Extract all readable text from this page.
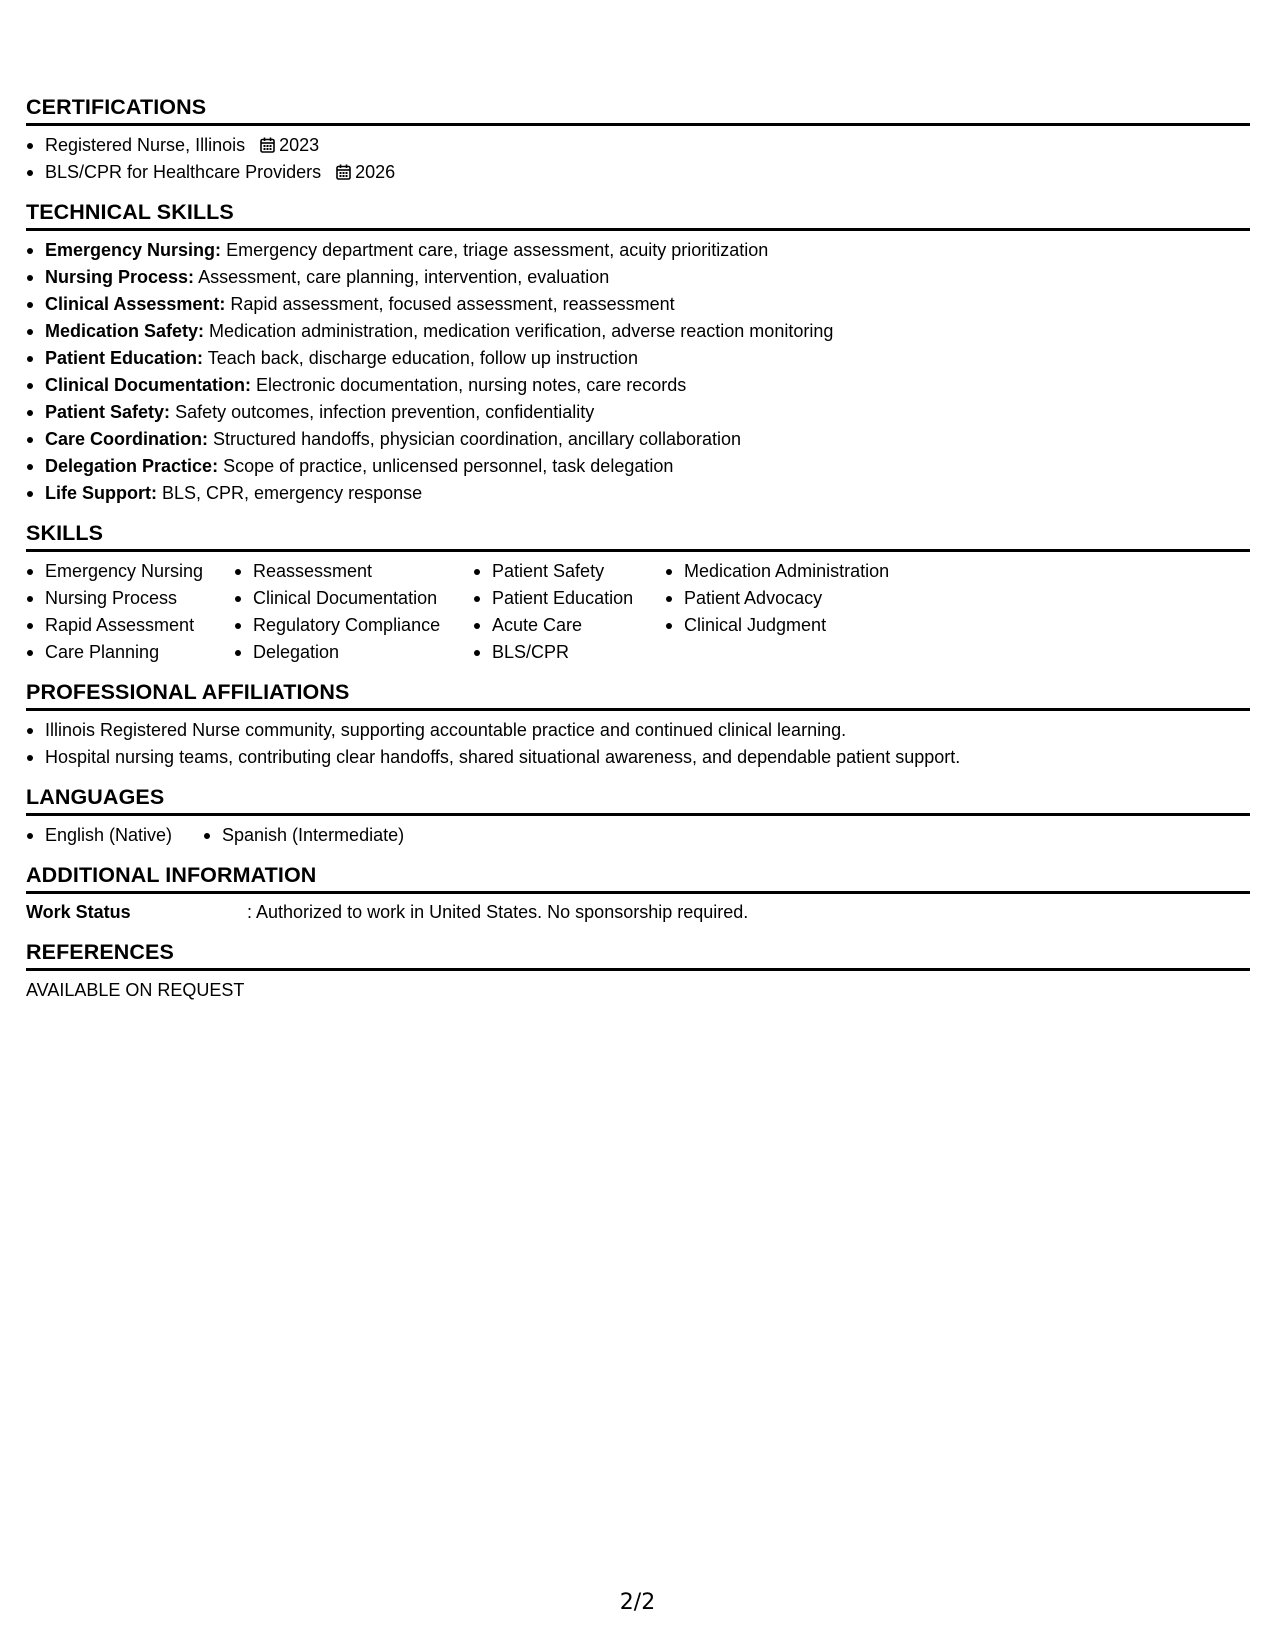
CERTIFICATIONS
Registered Nurse, Illinois 2023
BLS/CPR for Healthcare Providers 2026
TECHNICAL SKILLS
Emergency Nursing: Emergency department care, triage assessment, acuity prioritization
Nursing Process: Assessment, care planning, intervention, evaluation
Clinical Assessment: Rapid assessment, focused assessment, reassessment
Medication Safety: Medication administration, medication verification, adverse reaction monitoring
Patient Education: Teach back, discharge education, follow up instruction
Clinical Documentation: Electronic documentation, nursing notes, care records
Patient Safety: Safety outcomes, infection prevention, confidentiality
Care Coordination: Structured handoffs, physician coordination, ancillary collaboration
Delegation Practice: Scope of practice, unlicensed personnel, task delegation
Life Support: BLS, CPR, emergency response
SKILLS
Emergency Nursing
Nursing Process
Rapid Assessment
Care Planning
Reassessment
Clinical Documentation
Regulatory Compliance
Delegation
Patient Safety
Patient Education
Acute Care
BLS/CPR
Medication Administration
Patient Advocacy
Clinical Judgment
PROFESSIONAL AFFILIATIONS
Illinois Registered Nurse community, supporting accountable practice and continued clinical learning.
Hospital nursing teams, contributing clear handoffs, shared situational awareness, and dependable patient support.
LANGUAGES
English (Native)	Spanish (Intermediate)
ADDITIONAL INFORMATION
Work Status	: Authorized to work in United States. No sponsorship required.
REFERENCES
AVAILABLE ON REQUEST
2/2
